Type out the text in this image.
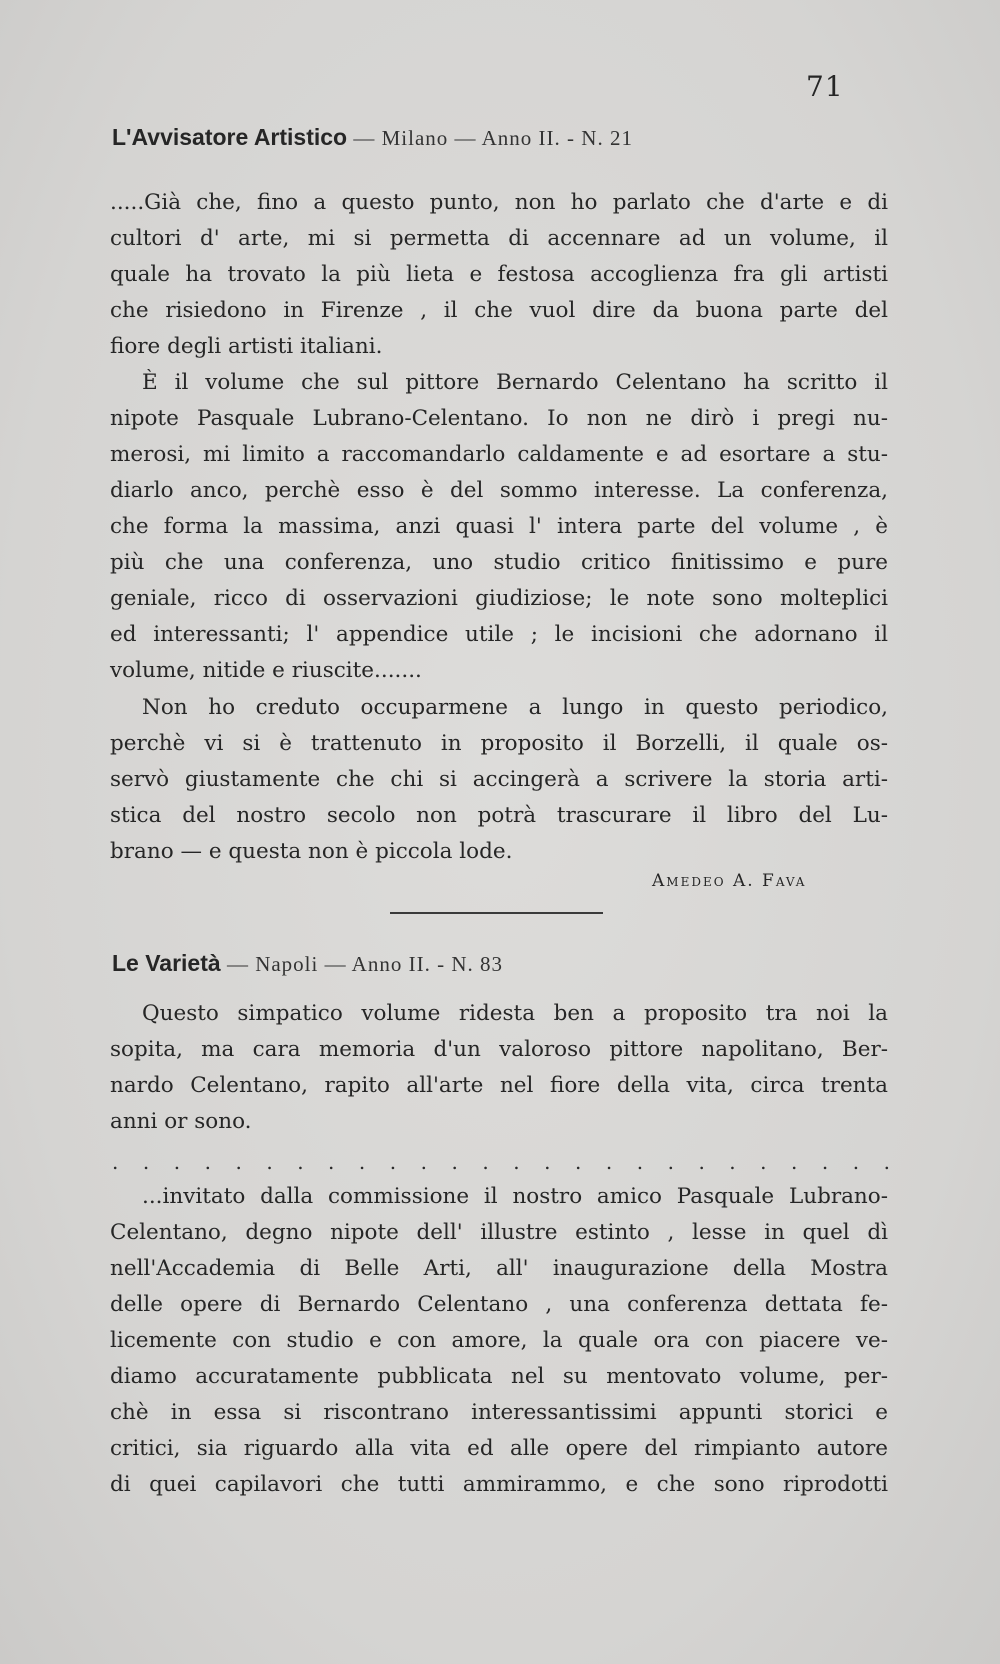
71
L'Avvisatore Artistico — Milano — Anno II. - N. 21
.....Già che, fino a questo punto, non ho parlato che d'arte e di
cultori d' arte, mi si permetta di accennare ad un volume, il
quale ha trovato la più lieta e festosa accoglienza fra gli artisti
che risiedono in Firenze , il che vuol dire da buona parte del
fiore degli artisti italiani.
È il volume che sul pittore Bernardo Celentano ha scritto il
nipote Pasquale Lubrano-Celentano. Io non ne dirò i pregi nu-
merosi, mi limito a raccomandarlo caldamente e ad esortare a stu-
diarlo anco, perchè esso è del sommo interesse. La conferenza,
che forma la massima, anzi quasi l' intera parte del volume , è
più che una conferenza, uno studio critico finitissimo e pure
geniale, ricco di osservazioni giudiziose; le note sono molteplici
ed interessanti; l' appendice utile ; le incisioni che adornano il
volume, nitide e riuscite.......
Non ho creduto occuparmene a lungo in questo periodico,
perchè vi si è trattenuto in proposito il Borzelli, il quale os-
servò giustamente che chi si accingerà a scrivere la storia arti-
stica del nostro secolo non potrà trascurare il libro del Lu-
brano — e questa non è piccola lode.
Amedeo A. Fava
Le Varietà — Napoli — Anno II. - N. 83
Questo simpatico volume ridesta ben a proposito tra noi la
sopita, ma cara memoria d'un valoroso pittore napolitano, Ber-
nardo Celentano, rapito all'arte nel fiore della vita, circa trenta
anni or sono.
. . . . . . . . . . . . . . . . . . . . . . . . . .
...invitato dalla commissione il nostro amico Pasquale Lubrano-
Celentano, degno nipote dell' illustre estinto , lesse in quel dì
nell'Accademia di Belle Arti, all' inaugurazione della Mostra
delle opere di Bernardo Celentano , una conferenza dettata fe-
licemente con studio e con amore, la quale ora con piacere ve-
diamo accuratamente pubblicata nel su mentovato volume, per-
chè in essa si riscontrano interessantissimi appunti storici e
critici, sia riguardo alla vita ed alle opere del rimpianto autore
di quei capilavori che tutti ammirammo, e che sono riprodotti
